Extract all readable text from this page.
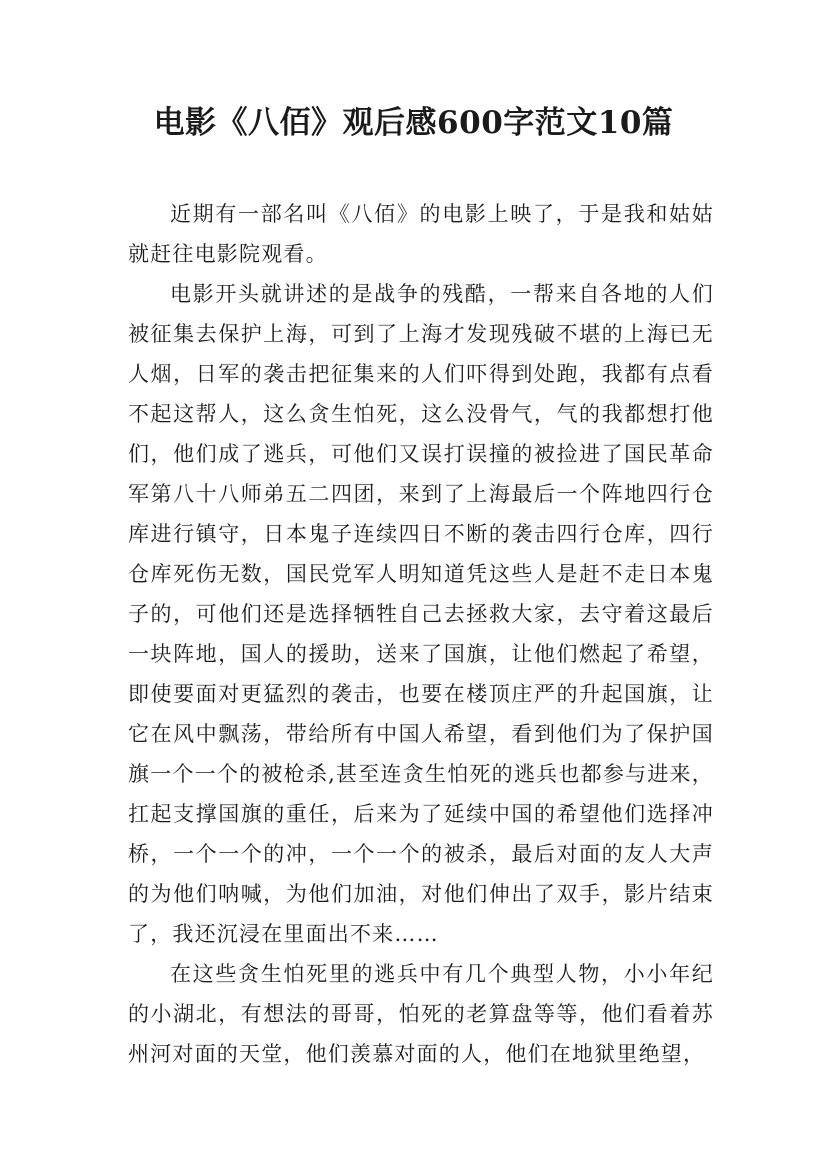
电影《八佰》观后感600字范文10篇

近期有一部名叫《八佰》的电影上映了，于是我和姑姑就赶往电影院观看。

电影开头就讲述的是战争的残酷，一帮来自各地的人们被征集去保护上海，可到了上海才发现残破不堪的上海已无人烟，日军的袭击把征集来的人们吓得到处跑，我都有点看不起这帮人，这么贪生怕死，这么没骨气，气的我都想打他们，他们成了逃兵，可他们又误打误撞的被捡进了国民革命军第八十八师弟五二四团，来到了上海最后一个阵地四行仓库进行镇守，日本鬼子连续四日不断的袭击四行仓库，四行仓库死伤无数，国民党军人明知道凭这些人是赶不走日本鬼子的，可他们还是选择牺牲自己去拯救大家，去守着这最后一块阵地，国人的援助，送来了国旗，让他们燃起了希望，即使要面对更猛烈的袭击，也要在楼顶庄严的升起国旗，让它在风中飘荡，带给所有中国人希望，看到他们为了保护国旗一个一个的被枪杀,甚至连贪生怕死的逃兵也都参与进来，扛起支撑国旗的重任，后来为了延续中国的希望他们选择冲桥，一个一个的冲，一个一个的被杀，最后对面的友人大声的为他们呐喊，为他们加油，对他们伸出了双手，影片结束了，我还沉浸在里面出不来……

在这些贪生怕死里的逃兵中有几个典型人物，小小年纪的小湖北，有想法的哥哥，怕死的老算盘等等，他们看着苏州河对面的天堂，他们羡慕对面的人，他们在地狱里绝望，
